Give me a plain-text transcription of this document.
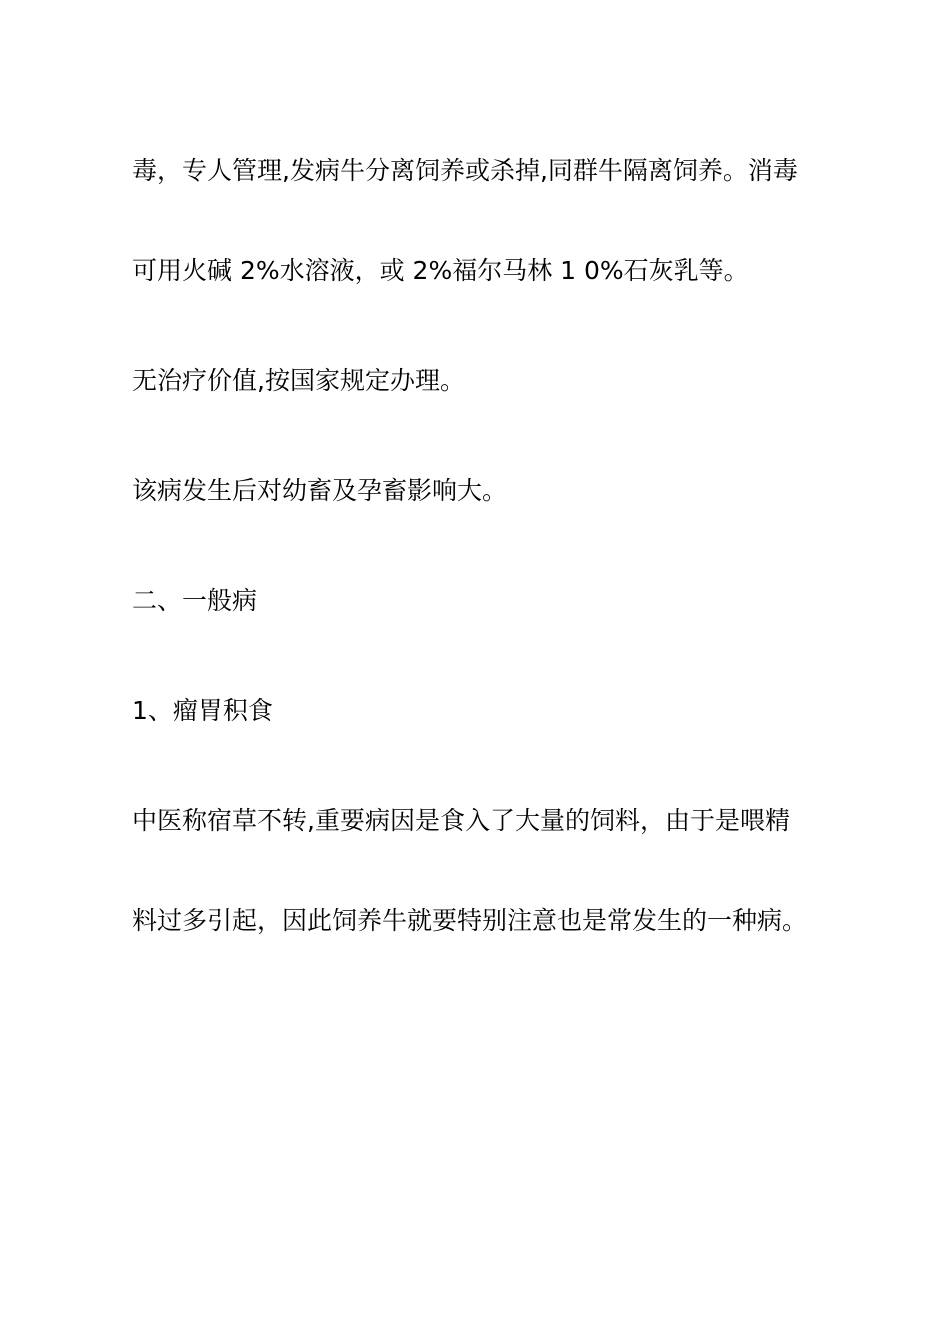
毒，专人管理,发病牛分离饲养或杀掉,同群牛隔离饲养。消毒
可用火碱 2%水溶液，或 2%福尔马林 1 0%石灰乳等。
无治疗价值,按国家规定办理。
该病发生后对幼畜及孕畜影响大。
二、一般病
1、瘤胃积食
中医称宿草不转,重要病因是食入了大量的饲料，由于是喂精
料过多引起，因此饲养牛就要特别注意也是常发生的一种病。
